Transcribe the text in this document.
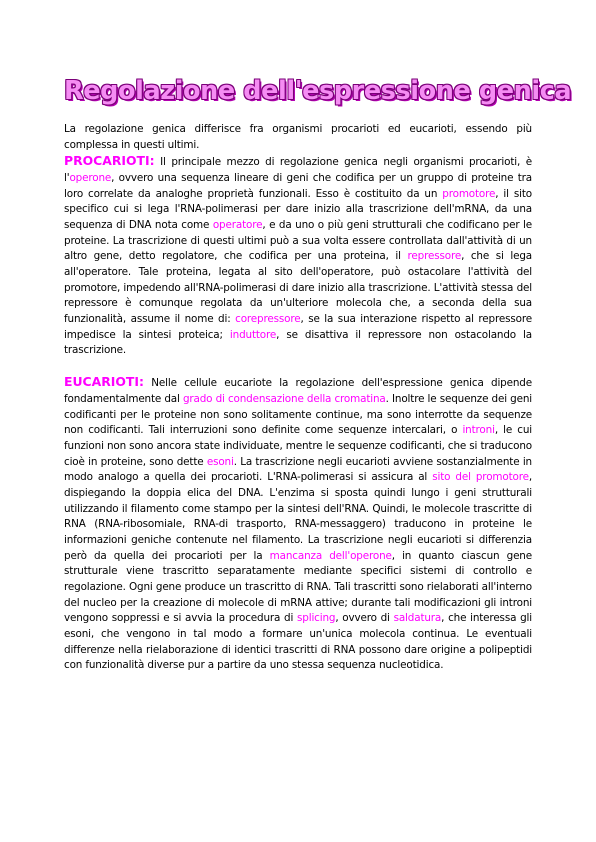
Regolazione dell'espressione genica

La regolazione genica differisce fra organismi procarioti ed eucarioti, essendo più complessa in questi ultimi.

PROCARIOTI: Il principale mezzo di regolazione genica negli organismi procarioti, è l'operone, ovvero una sequenza lineare di geni che codifica per un gruppo di proteine tra loro correlate da analoghe proprietà funzionali. Esso è costituito da un promotore, il sito specifico cui si lega l'RNA-polimerasi per dare inizio alla trascrizione dell'mRNA, da una sequenza di DNA nota come operatore, e da uno o più geni strutturali che codificano per le proteine. La trascrizione di questi ultimi può a sua volta essere controllata dall'attività di un altro gene, detto regolatore, che codifica per una proteina, il repressore, che si lega all'operatore. Tale proteina, legata al sito dell'operatore, può ostacolare l'attività del promotore, impedendo all'RNA-polimerasi di dare inizio alla trascrizione. L'attività stessa del repressore è comunque regolata da un'ulteriore molecola che, a seconda della sua funzionalità, assume il nome di: corepressore, se la sua interazione rispetto al repressore impedisce la sintesi proteica; induttore, se disattiva il repressore non ostacolando la trascrizione.

EUCARIOTI: Nelle cellule eucariote la regolazione dell'espressione genica dipende fondamentalmente dal grado di condensazione della cromatina. Inoltre le sequenze dei geni codificanti per le proteine non sono solitamente continue, ma sono interrotte da sequenze non codificanti. Tali interruzioni sono definite come sequenze intercalari, o introni, le cui funzioni non sono ancora state individuate, mentre le sequenze codificanti, che si traducono cioè in proteine, sono dette esoni. La trascrizione negli eucarioti avviene sostanzialmente in modo analogo a quella dei procarioti. L'RNA-polimerasi si assicura al sito del promotore, dispiegando la doppia elica del DNA. L'enzima si sposta quindi lungo i geni strutturali utilizzando il filamento come stampo per la sintesi dell'RNA. Quindi, le molecole trascritte di RNA (RNA-ribosomiale, RNA-di trasporto, RNA-messaggero) traducono in proteine le informazioni geniche contenute nel filamento. La trascrizione negli eucarioti si differenzia però da quella dei procarioti per la mancanza dell'operone, in quanto ciascun gene strutturale viene trascritto separatamente mediante specifici sistemi di controllo e regolazione. Ogni gene produce un trascritto di RNA. Tali trascritti sono rielaborati all'interno del nucleo per la creazione di molecole di mRNA attive; durante tali modificazioni gli introni vengono soppressi e si avvia la procedura di splicing, ovvero di saldatura, che interessa gli esoni, che vengono in tal modo a formare un'unica molecola continua. Le eventuali differenze nella rielaborazione di identici trascritti di RNA possono dare origine a polipeptidi con funzionalità diverse pur a partire da uno stessa sequenza nucleotidica.
